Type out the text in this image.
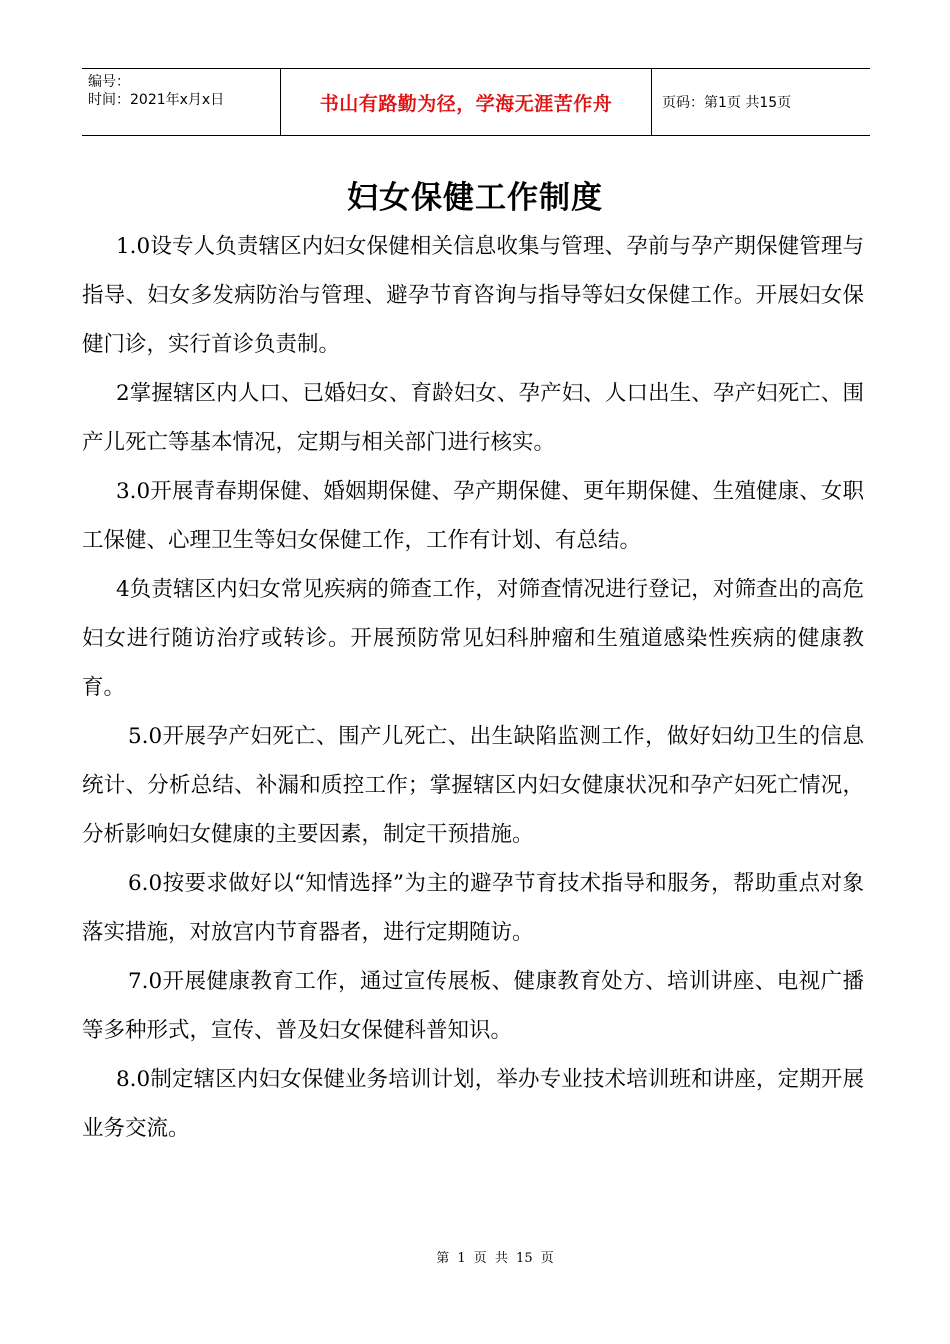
编号：
时间：2021年x月x日	书山有路勤为径，学海无涯苦作舟	页码：第1页 共15页
妇女保健工作制度

1.0设专人负责辖区内妇女保健相关信息收集与管理、孕前与孕产期保健管理与指导、妇女多发病防治与管理、避孕节育咨询与指导等妇女保健工作。开展妇女保健门诊，实行首诊负责制。

2掌握辖区内人口、已婚妇女、育龄妇女、孕产妇、人口出生、孕产妇死亡、围产儿死亡等基本情况，定期与相关部门进行核实。

3.0开展青春期保健、婚姻期保健、孕产期保健、更年期保健、生殖健康、女职工保健、心理卫生等妇女保健工作，工作有计划、有总结。

4负责辖区内妇女常见疾病的筛查工作，对筛查情况进行登记，对筛查出的高危妇女进行随访治疗或转诊。开展预防常见妇科肿瘤和生殖道感染性疾病的健康教育。

5.0开展孕产妇死亡、围产儿死亡、出生缺陷监测工作，做好妇幼卫生的信息统计、分析总结、补漏和质控工作；掌握辖区内妇女健康状况和孕产妇死亡情况，分析影响妇女健康的主要因素，制定干预措施。

6.0按要求做好以“知情选择”为主的避孕节育技术指导和服务，帮助重点对象落实措施，对放宫内节育器者，进行定期随访。

7.0开展健康教育工作，通过宣传展板、健康教育处方、培训讲座、电视广播等多种形式，宣传、普及妇女保健科普知识。

8.0制定辖区内妇女保健业务培训计划，举办专业技术培训班和讲座，定期开展业务交流。

第 1 页 共 15 页
